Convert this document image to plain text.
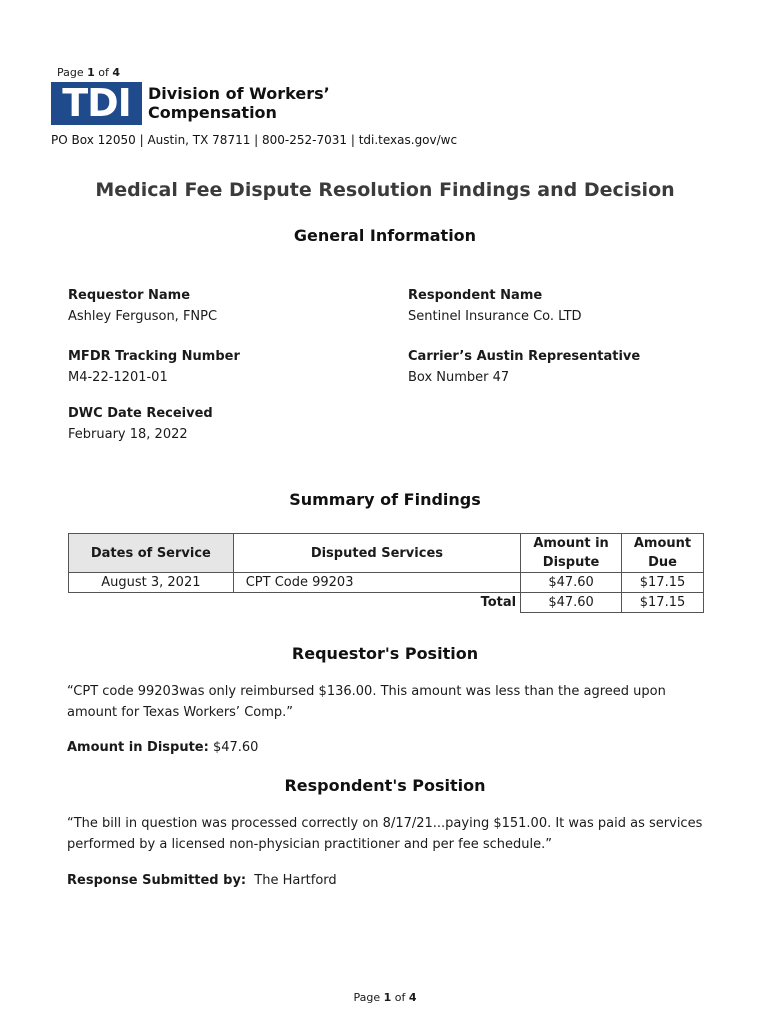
Page 1 of 4
TDI	Division of Workers’
Compensation
PO Box 12050 | Austin, TX 78711 | 800-252-7031 | tdi.texas.gov/wc
Medical Fee Dispute Resolution Findings and Decision
General Information
Requestor Name
Ashley Ferguson, FNPC
Respondent Name
Sentinel Insurance Co. LTD
MFDR Tracking Number
M4-22-1201-01
Carrier’s Austin Representative
Box Number 47
DWC Date Received
February 18, 2022
Summary of Findings
Dates of Service	Disputed Services	Amount in Dispute	Amount Due
August 3, 2021	CPT Code 99203	$47.60	$17.15
Total		$47.60	$17.15
Requestor's Position
“CPT code 99203was only reimbursed $136.00. This amount was less than the agreed upon amount for Texas Workers’ Comp.”
Amount in Dispute: $47.60
Respondent's Position
“The bill in question was processed correctly on 8/17/21...paying $151.00. It was paid as services performed by a licensed non-physician practitioner and per fee schedule.”
Response Submitted by: The Hartford
Page 1 of 4
